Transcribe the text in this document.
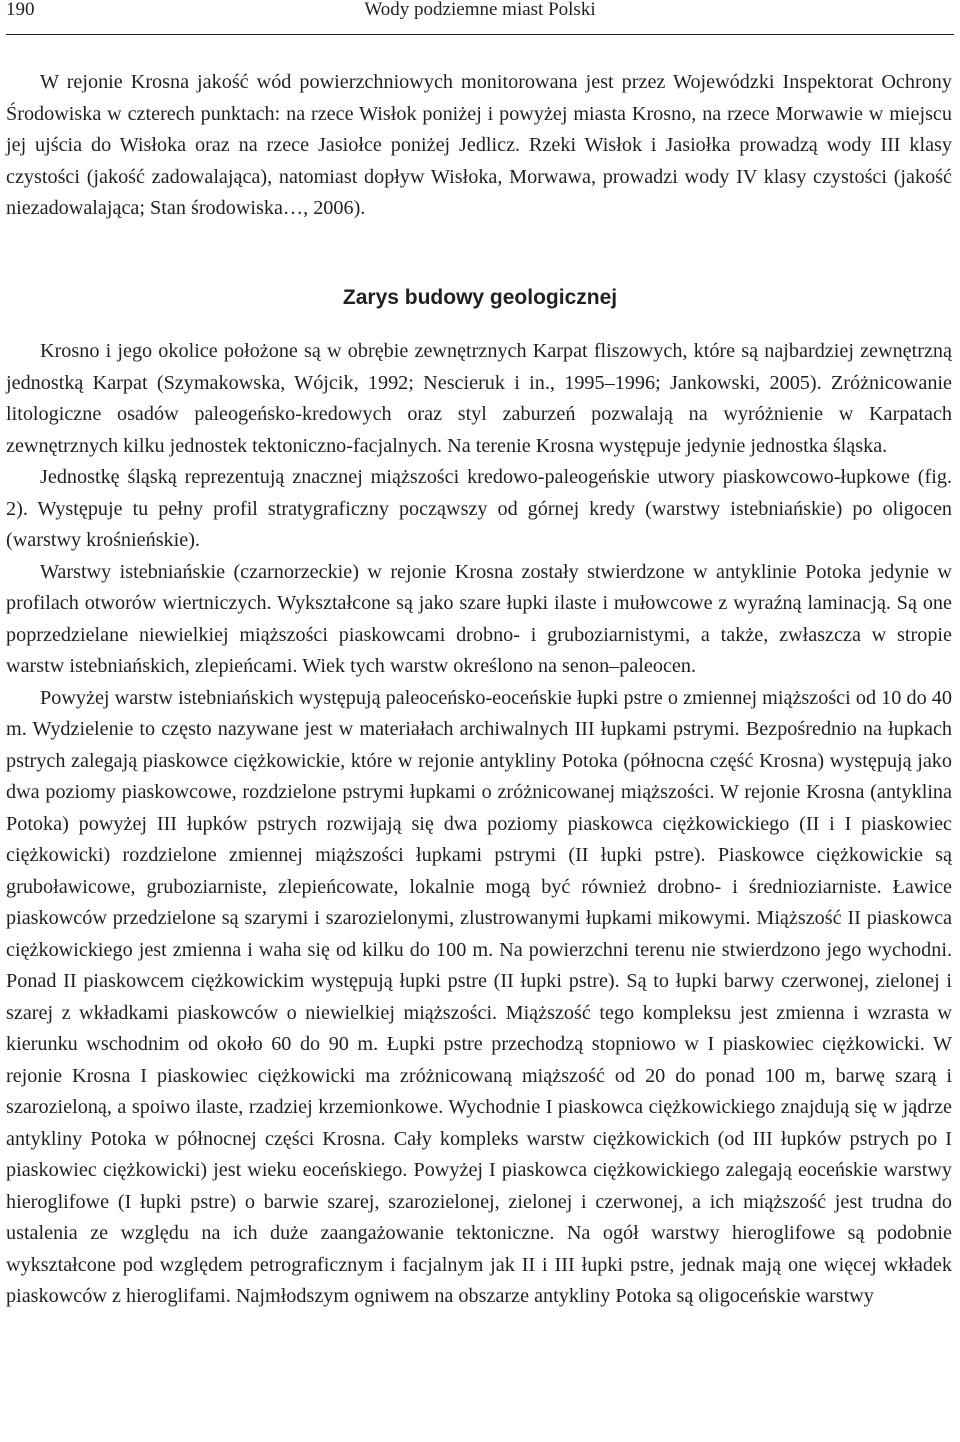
190	Wody podziemne miast Polski

W rejonie Krosna jakość wód powierzchniowych monitorowana jest przez Wojewódzki Inspektorat Ochrony Środowiska w czterech punktach: na rzece Wisłok poniżej i powyżej miasta Krosno, na rzece Morwawie w miejscu jej ujścia do Wisłoka oraz na rzece Jasiołce poniżej Jedlicz. Rzeki Wisłok i Jasiołka prowadzą wody III klasy czystości (jakość zadowalająca), natomiast dopływ Wisłoka, Morwawa, prowadzi wody IV klasy czystości (jakość niezadowalająca; Stan środowiska…, 2006).

Zarys budowy geologicznej

Krosno i jego okolice położone są w obrębie zewnętrznych Karpat fliszowych, które są najbardziej zewnętrzną jednostką Karpat (Szymakowska, Wójcik, 1992; Nescieruk i in., 1995–1996; Jankowski, 2005). Zróżnicowanie litologiczne osadów paleogeńsko-kredowych oraz styl zaburzeń pozwalają na wyróżnienie w Karpatach zewnętrznych kilku jednostek tektoniczno-facjalnych. Na terenie Krosna występuje jedynie jednostka śląska.

Jednostkę śląską reprezentują znacznej miąższości kredowo-paleogeńskie utwory piaskowcowo-łupkowe (fig. 2). Występuje tu pełny profil stratygraficzny począwszy od górnej kredy (warstwy istebniańskie) po oligocen (warstwy krośnieńskie).

Warstwy istebniańskie (czarnorzeckie) w rejonie Krosna zostały stwierdzone w antyklinie Potoka jedynie w profilach otworów wiertniczych. Wykształcone są jako szare łupki ilaste i mułowcowe z wyraźną laminacją. Są one poprzedzielane niewielkiej miąższości piaskowcami drobno- i gruboziarnistymi, a także, zwłaszcza w stropie warstw istebniańskich, zlepieńcami. Wiek tych warstw określono na senon–paleocen.

Powyżej warstw istebniańskich występują paleoceńsko-eoceńskie łupki pstre o zmiennej miąższości od 10 do 40 m. Wydzielenie to często nazywane jest w materiałach archiwalnych III łupkami pstrymi. Bezpośrednio na łupkach pstrych zalegają piaskowce ciężkowickie, które w rejonie antykliny Potoka (północna część Krosna) występują jako dwa poziomy piaskowcowe, rozdzielone pstrymi łupkami o zróżnicowanej miąższości. W rejonie Krosna (antyklina Potoka) powyżej III łupków pstrych rozwijają się dwa poziomy piaskowca ciężkowickiego (II i I piaskowiec ciężkowicki) rozdzielone zmiennej miąższości łupkami pstrymi (II łupki pstre). Piaskowce ciężkowickie są gruboławicowe, gruboziarniste, zlepieńcowate, lokalnie mogą być również drobno- i średnioziarniste. Ławice piaskowców przedzielone są szarymi i szarozielonymi, zlustrowanymi łupkami mikowymi. Miąższość II piaskowca ciężkowickiego jest zmienna i waha się od kilku do 100 m. Na powierzchni terenu nie stwierdzono jego wychodni. Ponad II piaskowcem ciężkowickim występują łupki pstre (II łupki pstre). Są to łupki barwy czerwonej, zielonej i szarej z wkładkami piaskowców o niewielkiej miąższości. Miąższość tego kompleksu jest zmienna i wzrasta w kierunku wschodnim od około 60 do 90 m. Łupki pstre przechodzą stopniowo w I piaskowiec ciężkowicki. W rejonie Krosna I piaskowiec ciężkowicki ma zróżnicowaną miąższość od 20 do ponad 100 m, barwę szarą i szarozieloną, a spoiwo ilaste, rzadziej krzemionkowe. Wychodnie I piaskowca ciężkowickiego znajdują się w jądrze antykliny Potoka w północnej części Krosna. Cały kompleks warstw ciężkowickich (od III łupków pstrych po I piaskowiec ciężkowicki) jest wieku eoceńskiego. Powyżej I piaskowca ciężkowickiego zalegają eoceńskie warstwy hieroglifowe (I łupki pstre) o barwie szarej, szarozielonej, zielonej i czerwonej, a ich miąższość jest trudna do ustalenia ze względu na ich duże zaangażowanie tektoniczne. Na ogół warstwy hieroglifowe są podobnie wykształcone pod względem petrograficznym i facjalnym jak II i III łupki pstre, jednak mają one więcej wkładek piaskowców z hieroglifami. Najmłodszym ogniwem na obszarze antykliny Potoka są oligoceńskie warstwy
